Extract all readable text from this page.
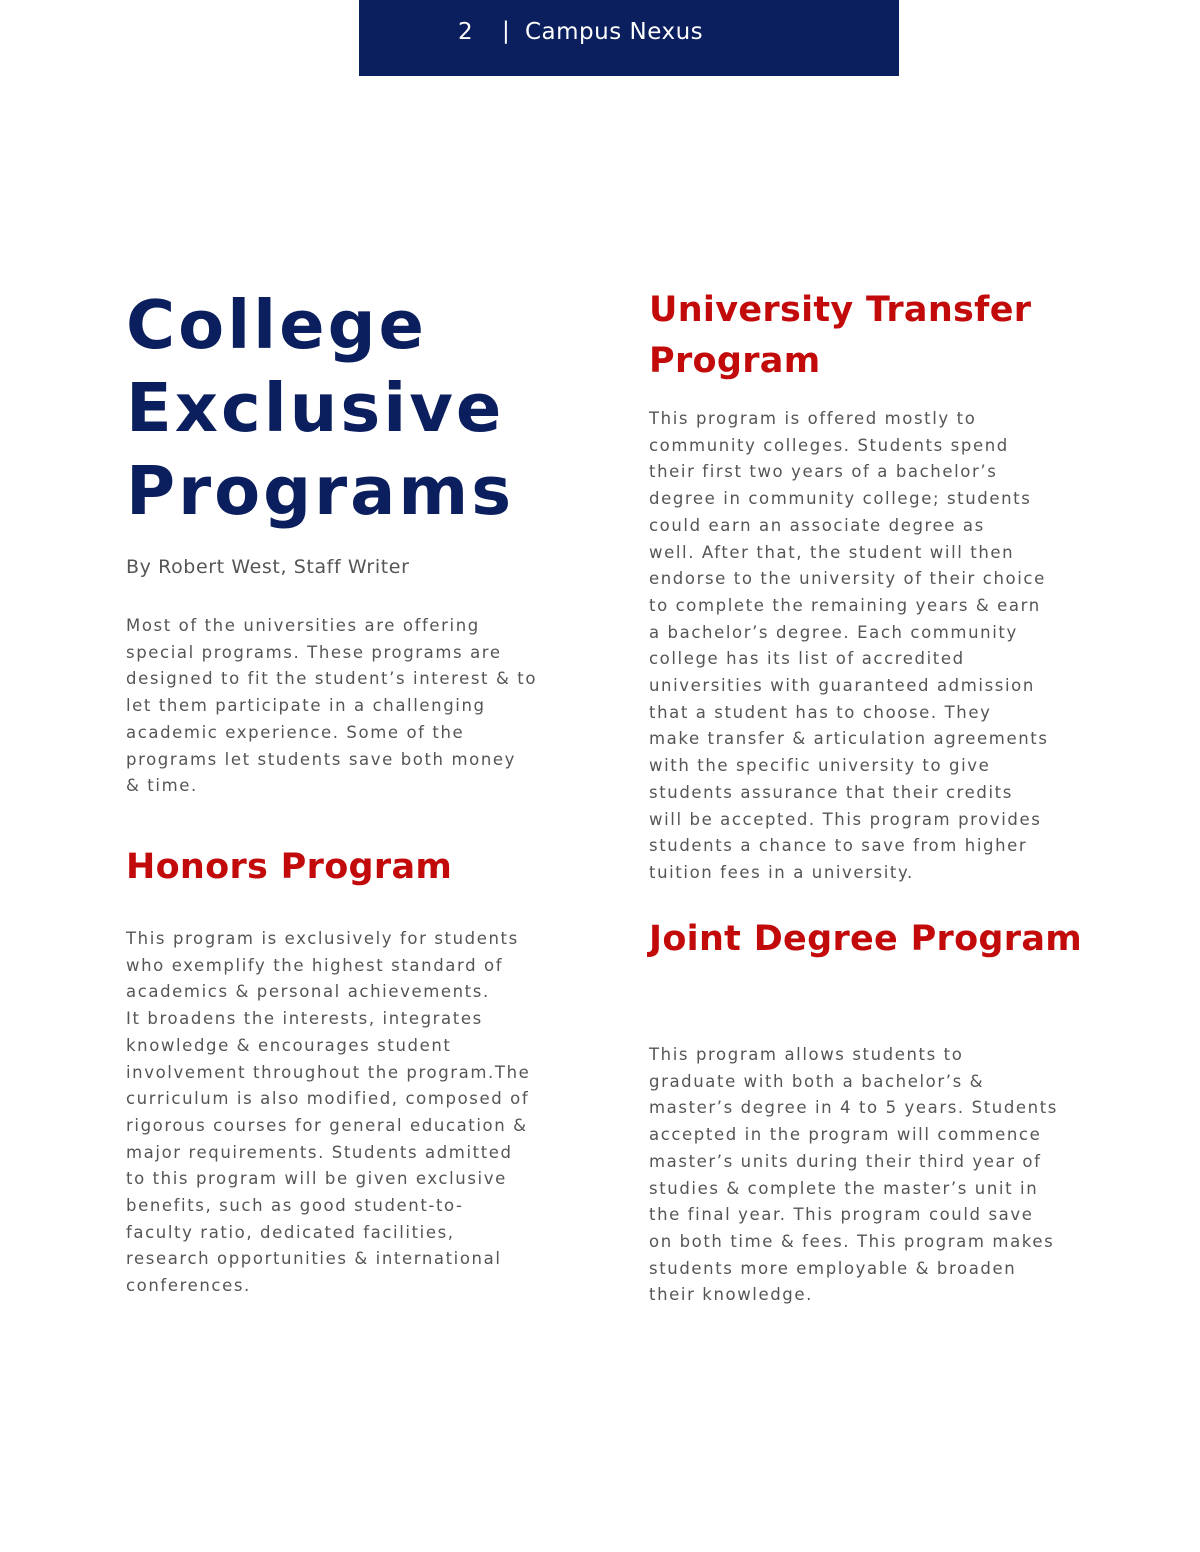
2 | Campus Nexus
College Exclusive Programs

By Robert West, Staff Writer

Most of the universities are offering
special programs. These programs are
designed to fit the student’s interest & to
let them participate in a challenging
academic experience. Some of the
programs let students save both money
& time.

Honors Program

This program is exclusively for students
who exemplify the highest standard of
academics & personal achievements.
It broadens the interests, integrates
knowledge & encourages student
involvement throughout the program.The
curriculum is also modified, composed of
rigorous courses for general education &
major requirements. Students admitted
to this program will be given exclusive
benefits, such as good student-to-
faculty ratio, dedicated facilities,
research opportunities & international
conferences.

University Transfer Program

This program is offered mostly to
community colleges. Students spend
their first two years of a bachelor’s
degree in community college; students
could earn an associate degree as
well. After that, the student will then
endorse to the university of their choice
to complete the remaining years & earn
a bachelor’s degree. Each community
college has its list of accredited
universities with guaranteed admission
that a student has to choose. They
make transfer & articulation agreements
with the specific university to give
students assurance that their credits
will be accepted. This program provides
students a chance to save from higher
tuition fees in a university.

Joint Degree Program

This program allows students to
graduate with both a bachelor’s &
master’s degree in 4 to 5 years. Students
accepted in the program will commence
master’s units during their third year of
studies & complete the master’s unit in
the final year. This program could save
on both time & fees. This program makes
students more employable & broaden
their knowledge.
